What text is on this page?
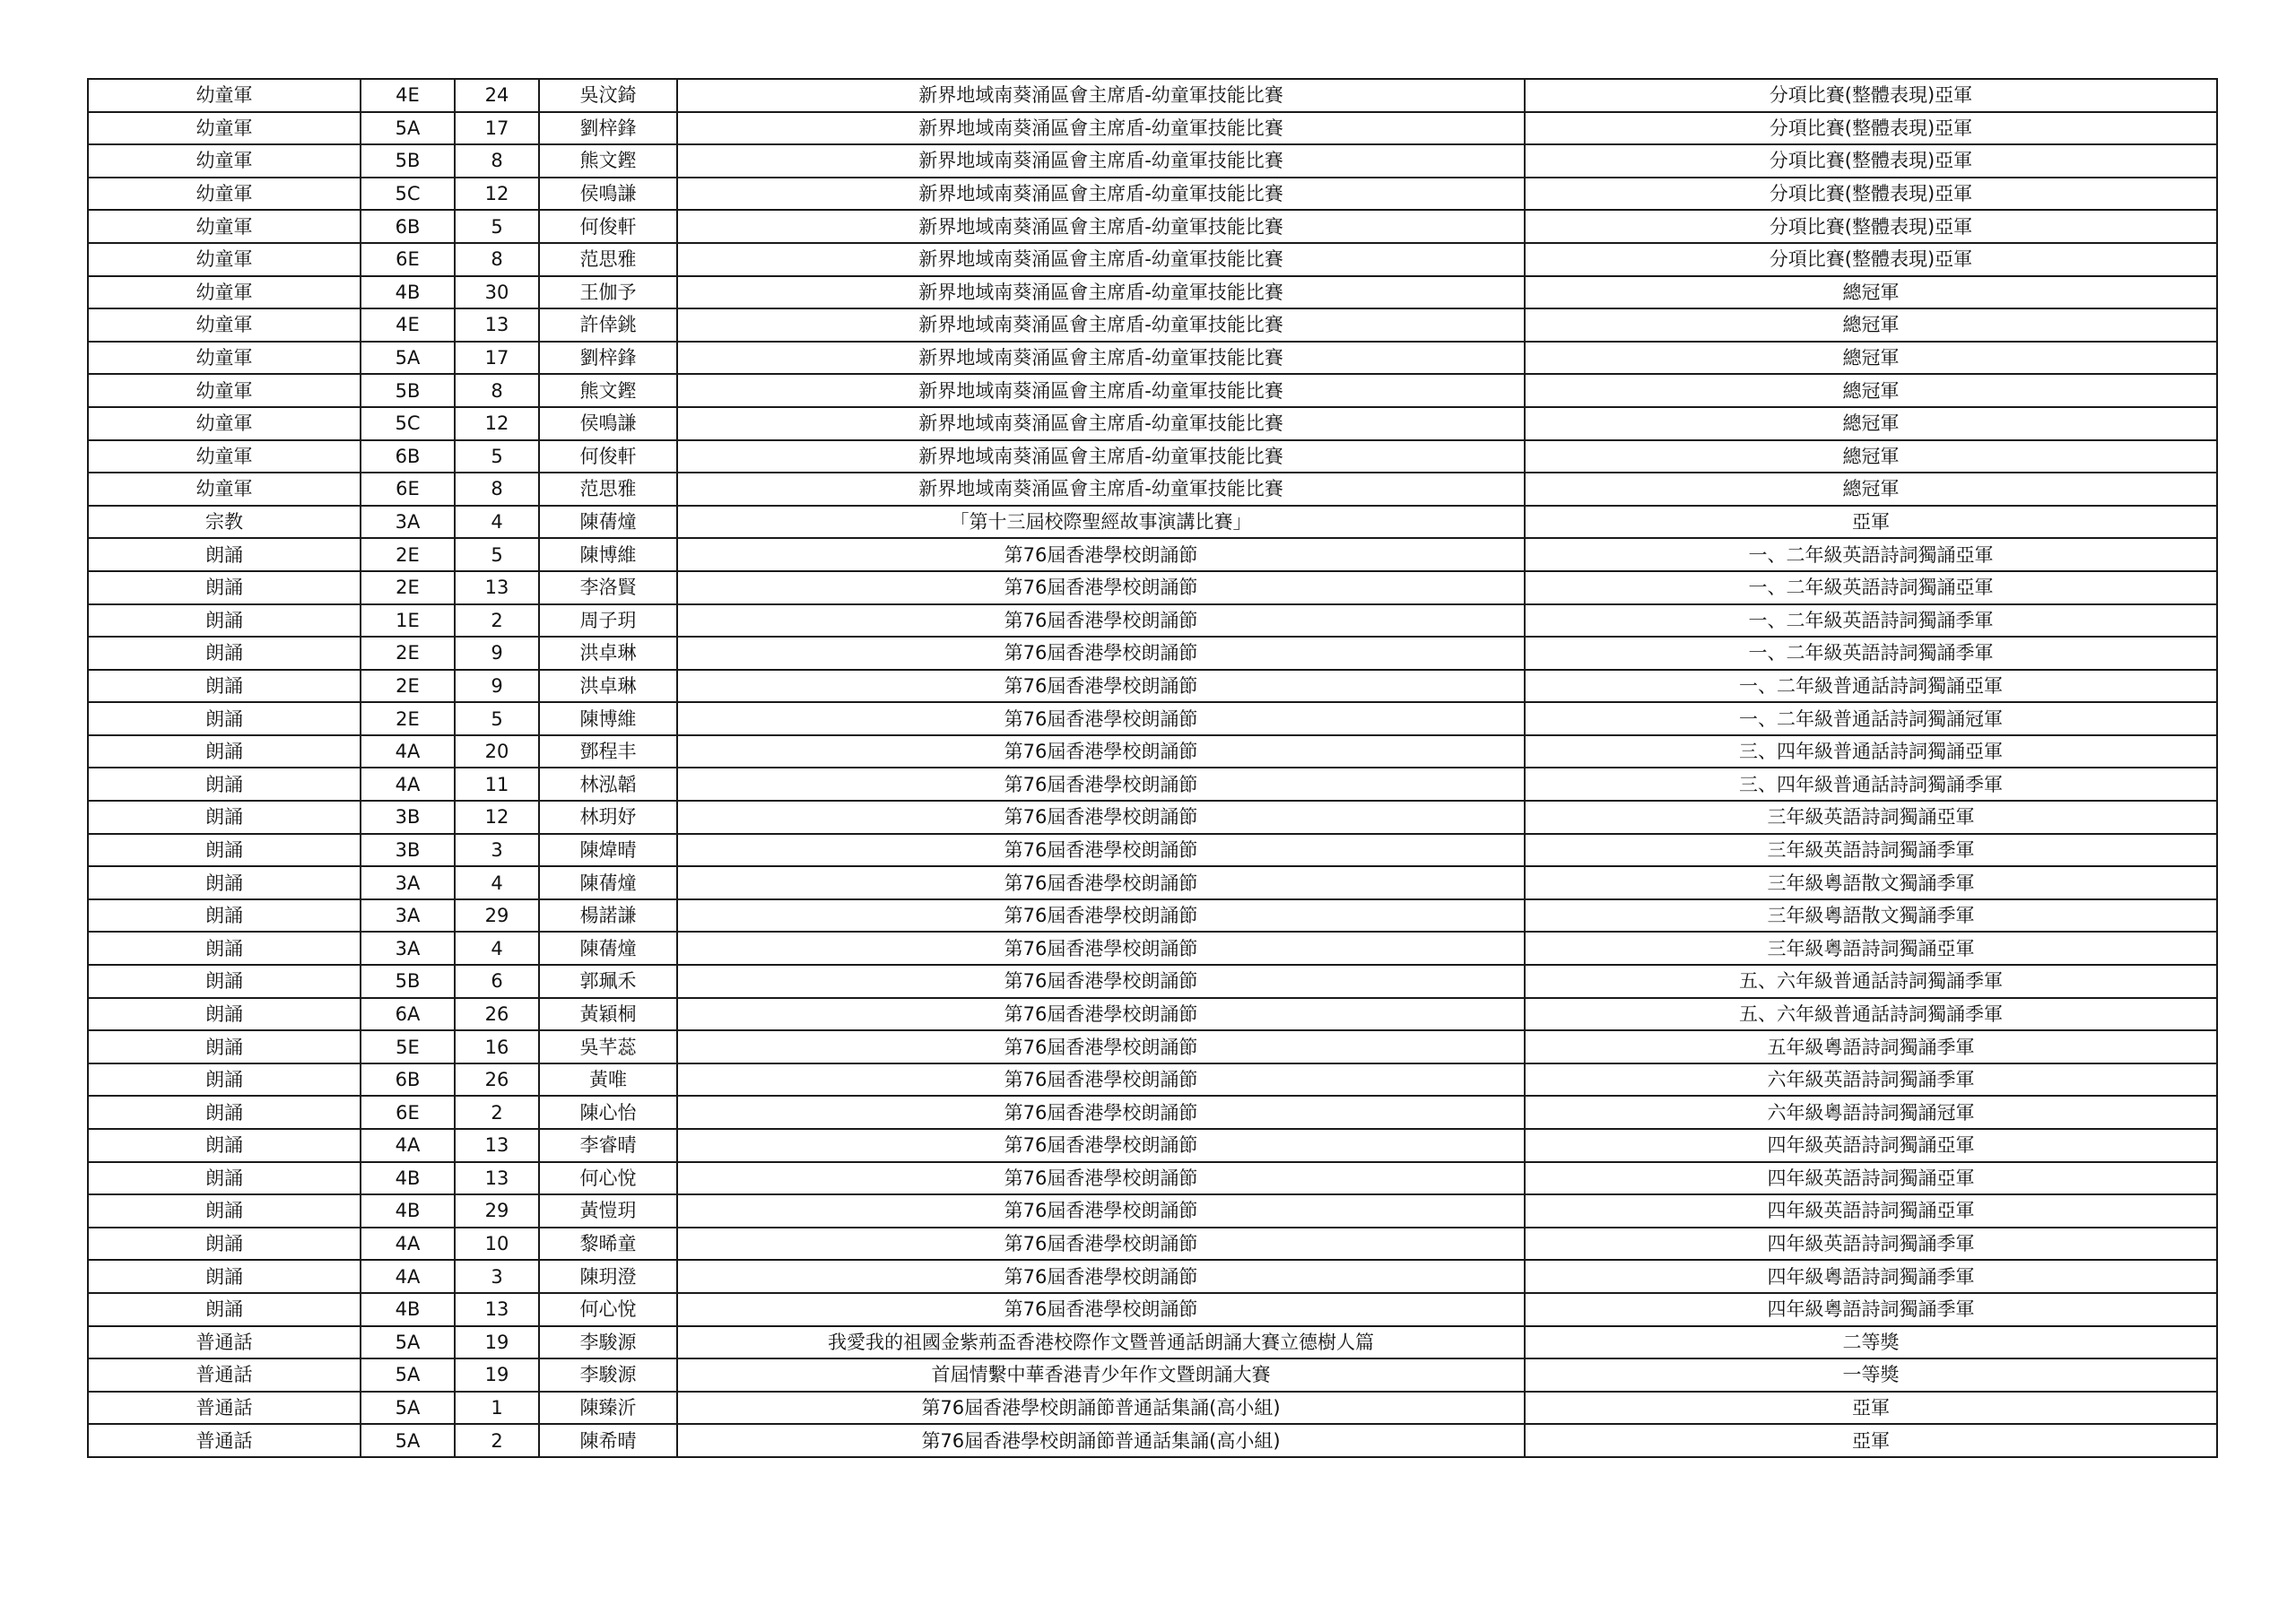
幼童軍	4E	24	吳汶錡	新界地域南葵涌區會主席盾-幼童軍技能比賽	分項比賽(整體表現)亞軍
幼童軍	5A	17	劉梓鋒	新界地域南葵涌區會主席盾-幼童軍技能比賽	分項比賽(整體表現)亞軍
幼童軍	5B	8	熊文鏗	新界地域南葵涌區會主席盾-幼童軍技能比賽	分項比賽(整體表現)亞軍
幼童軍	5C	12	侯鳴謙	新界地域南葵涌區會主席盾-幼童軍技能比賽	分項比賽(整體表現)亞軍
幼童軍	6B	5	何俊軒	新界地域南葵涌區會主席盾-幼童軍技能比賽	分項比賽(整體表現)亞軍
幼童軍	6E	8	范思雅	新界地域南葵涌區會主席盾-幼童軍技能比賽	分項比賽(整體表現)亞軍
幼童軍	4B	30	王伽予	新界地域南葵涌區會主席盾-幼童軍技能比賽	總冠軍
幼童軍	4E	13	許倖銚	新界地域南葵涌區會主席盾-幼童軍技能比賽	總冠軍
幼童軍	5A	17	劉梓鋒	新界地域南葵涌區會主席盾-幼童軍技能比賽	總冠軍
幼童軍	5B	8	熊文鏗	新界地域南葵涌區會主席盾-幼童軍技能比賽	總冠軍
幼童軍	5C	12	侯鳴謙	新界地域南葵涌區會主席盾-幼童軍技能比賽	總冠軍
幼童軍	6B	5	何俊軒	新界地域南葵涌區會主席盾-幼童軍技能比賽	總冠軍
幼童軍	6E	8	范思雅	新界地域南葵涌區會主席盾-幼童軍技能比賽	總冠軍
宗教	3A	4	陳蒨燑	「第十三屆校際聖經故事演講比賽」	亞軍
朗誦	2E	5	陳博維	第76屆香港學校朗誦節	一、二年級英語詩詞獨誦亞軍
朗誦	2E	13	李洛賢	第76屆香港學校朗誦節	一、二年級英語詩詞獨誦亞軍
朗誦	1E	2	周子玥	第76屆香港學校朗誦節	一、二年級英語詩詞獨誦季軍
朗誦	2E	9	洪卓琳	第76屆香港學校朗誦節	一、二年級英語詩詞獨誦季軍
朗誦	2E	9	洪卓琳	第76屆香港學校朗誦節	一、二年級普通話詩詞獨誦亞軍
朗誦	2E	5	陳博維	第76屆香港學校朗誦節	一、二年級普通話詩詞獨誦冠軍
朗誦	4A	20	鄧程丰	第76屆香港學校朗誦節	三、四年級普通話詩詞獨誦亞軍
朗誦	4A	11	林泓韜	第76屆香港學校朗誦節	三、四年級普通話詩詞獨誦季軍
朗誦	3B	12	林玥妤	第76屆香港學校朗誦節	三年級英語詩詞獨誦亞軍
朗誦	3B	3	陳煒晴	第76屆香港學校朗誦節	三年級英語詩詞獨誦季軍
朗誦	3A	4	陳蒨燑	第76屆香港學校朗誦節	三年級粵語散文獨誦季軍
朗誦	3A	29	楊諾謙	第76屆香港學校朗誦節	三年級粵語散文獨誦季軍
朗誦	3A	4	陳蒨燑	第76屆香港學校朗誦節	三年級粵語詩詞獨誦亞軍
朗誦	5B	6	郭珮禾	第76屆香港學校朗誦節	五、六年級普通話詩詞獨誦季軍
朗誦	6A	26	黃穎桐	第76屆香港學校朗誦節	五、六年級普通話詩詞獨誦季軍
朗誦	5E	16	吳芊蕊	第76屆香港學校朗誦節	五年級粵語詩詞獨誦季軍
朗誦	6B	26	黃唯	第76屆香港學校朗誦節	六年級英語詩詞獨誦季軍
朗誦	6E	2	陳心怡	第76屆香港學校朗誦節	六年級粵語詩詞獨誦冠軍
朗誦	4A	13	李睿晴	第76屆香港學校朗誦節	四年級英語詩詞獨誦亞軍
朗誦	4B	13	何心悅	第76屆香港學校朗誦節	四年級英語詩詞獨誦亞軍
朗誦	4B	29	黃愷玥	第76屆香港學校朗誦節	四年級英語詩詞獨誦亞軍
朗誦	4A	10	黎晞童	第76屆香港學校朗誦節	四年級英語詩詞獨誦季軍
朗誦	4A	3	陳玥澄	第76屆香港學校朗誦節	四年級粵語詩詞獨誦季軍
朗誦	4B	13	何心悅	第76屆香港學校朗誦節	四年級粵語詩詞獨誦季軍
普通話	5A	19	李駿源	我愛我的祖國金紫荊盃香港校際作文暨普通話朗誦大賽立德樹人篇	二等獎
普通話	5A	19	李駿源	首屆情繫中華香港青少年作文暨朗誦大賽	一等獎
普通話	5A	1	陳臻沂	第76屆香港學校朗誦節普通話集誦(高小組)	亞軍
普通話	5A	2	陳希晴	第76屆香港學校朗誦節普通話集誦(高小組)	亞軍
